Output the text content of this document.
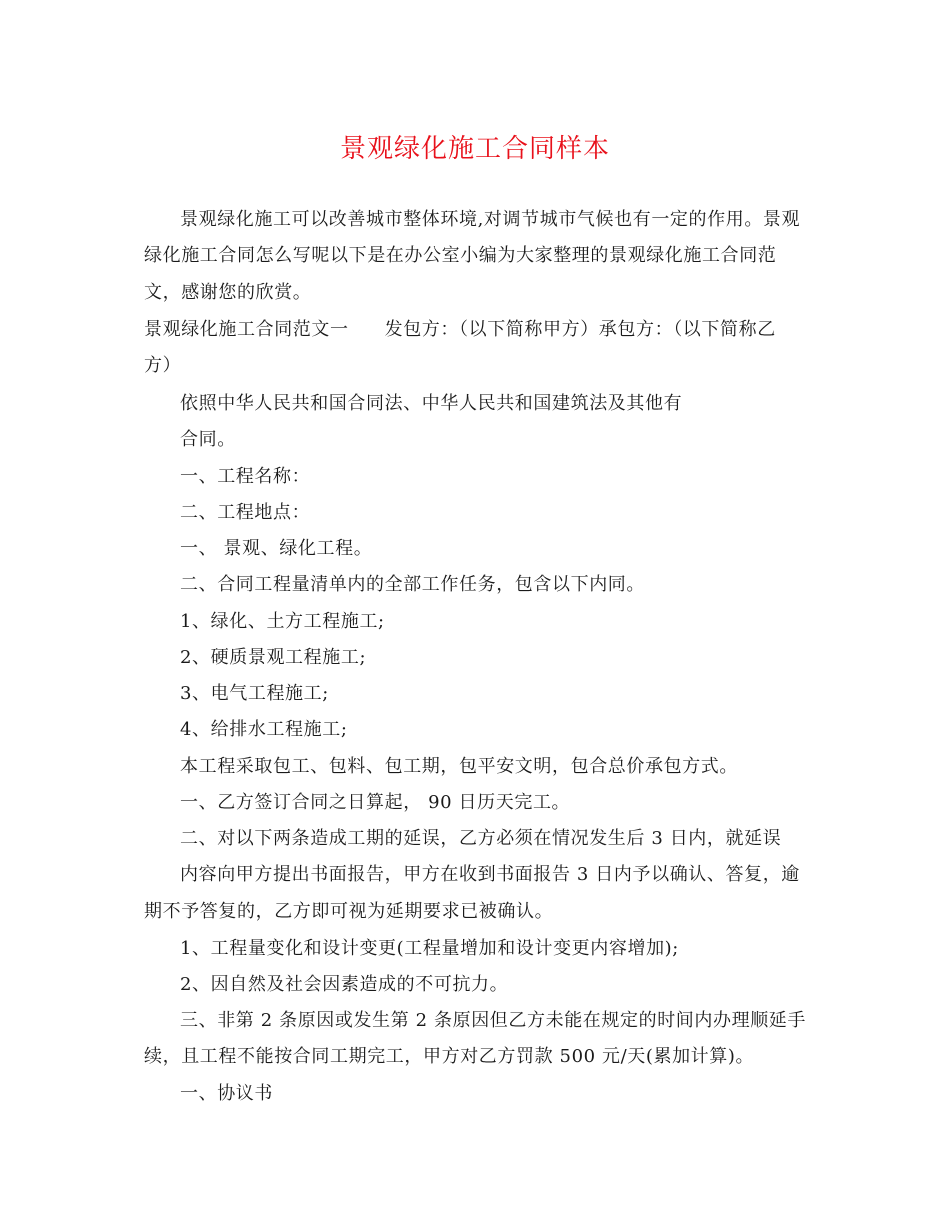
景观绿化施工合同样本

景观绿化施工可以改善城市整体环境,对调节城市气候也有一定的作用。景观

绿化施工合同怎么写呢以下是在办公室小编为大家整理的景观绿化施工合同范

文，感谢您的欣赏。

景观绿化施工合同范文一 发包方：（以下简称甲方）承包方：（以下简称乙

方）

依照中华人民共和国合同法、中华人民共和国建筑法及其他有

合同。

一、工程名称：

二、工程地点：

一、 景观、绿化工程。

二、合同工程量清单内的全部工作任务，包含以下内同。

1、绿化、土方工程施工;

2、硬质景观工程施工;

3、电气工程施工;

4、给排水工程施工;

本工程采取包工、包料、包工期，包平安文明，包合总价承包方式。

一、乙方签订合同之日算起， 90 日历天完工。

二、对以下两条造成工期的延误，乙方必须在情况发生后 3 日内，就延误

内容向甲方提出书面报告，甲方在收到书面报告 3 日内予以确认、答复，逾

期不予答复的，乙方即可视为延期要求已被确认。

1、工程量变化和设计变更(工程量增加和设计变更内容增加);

2、因自然及社会因素造成的不可抗力。

三、非第 2 条原因或发生第 2 条原因但乙方未能在规定的时间内办理顺延手

续，且工程不能按合同工期完工，甲方对乙方罚款 500 元/天(累加计算)。

一、协议书
